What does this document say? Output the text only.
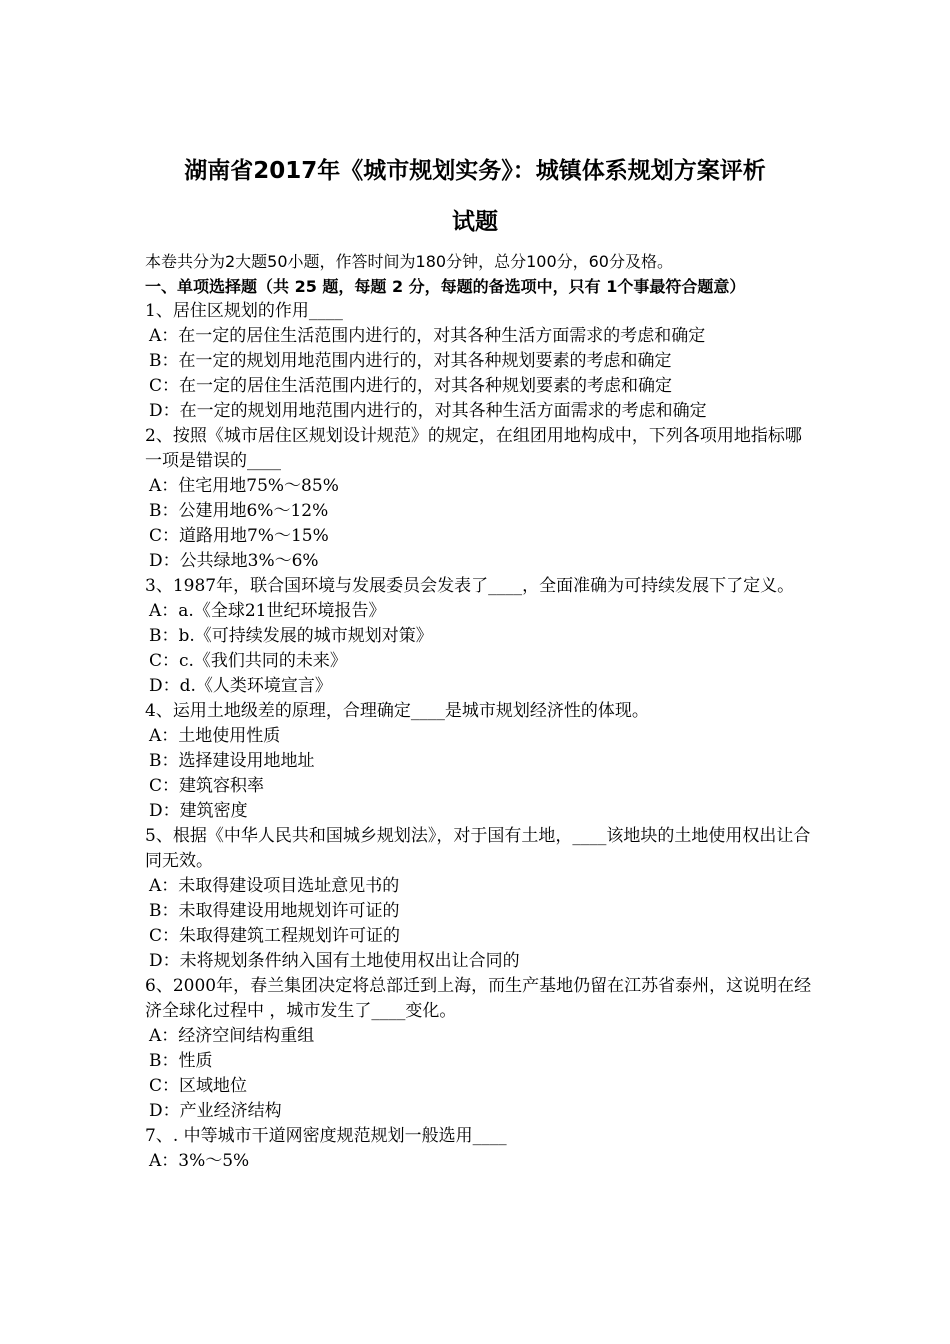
湖南省2017年《城市规划实务》：城镇体系规划方案评析
试题
本卷共分为2大题50小题，作答时间为180分钟，总分100分，60分及格。
一、单项选择题（共 25 题，每题 2 分，每题的备选项中，只有 1个事最符合题意）
1、居住区规划的作用____
A：在一定的居住生活范围内进行的，对其各种生活方面需求的考虑和确定
B：在一定的规划用地范围内进行的，对其各种规划要素的考虑和确定
C：在一定的居住生活范围内进行的，对其各种规划要素的考虑和确定
D：在一定的规划用地范围内进行的，对其各种生活方面需求的考虑和确定
2、按照《城市居住区规划设计规范》的规定，在组团用地构成中，下列各项用地指标哪一项是错误的____
A：住宅用地75%～85%
B：公建用地6%～12%
C：道路用地7%～15%
D：公共绿地3%～6%
3、1987年，联合国环境与发展委员会发表了____，全面准确为可持续发展下了定义。
A：a.《全球21世纪环境报告》
B：b.《可持续发展的城市规划对策》
C：c.《我们共同的未来》
D：d.《人类环境宣言》
4、运用土地级差的原理，合理确定____是城市规划经济性的体现。
A：土地使用性质
B：选择建设用地地址
C：建筑容积率
D：建筑密度
5、根据《中华人民共和国城乡规划法》，对于国有土地，____该地块的土地使用权出让合同无效。
A：未取得建设项目选址意见书的
B：未取得建设用地规划许可证的
C：朱取得建筑工程规划许可证的
D：未将规划条件纳入国有土地使用权出让合同的
6、2000年，春兰集团决定将总部迁到上海，而生产基地仍留在江苏省泰州，这说明在经济全球化过程中 ，城市发生了____变化。
A：经济空间结构重组
B：性质
C：区域地位
D：产业经济结构
7、. 中等城市干道网密度规范规划一般选用____
A：3%～5%
